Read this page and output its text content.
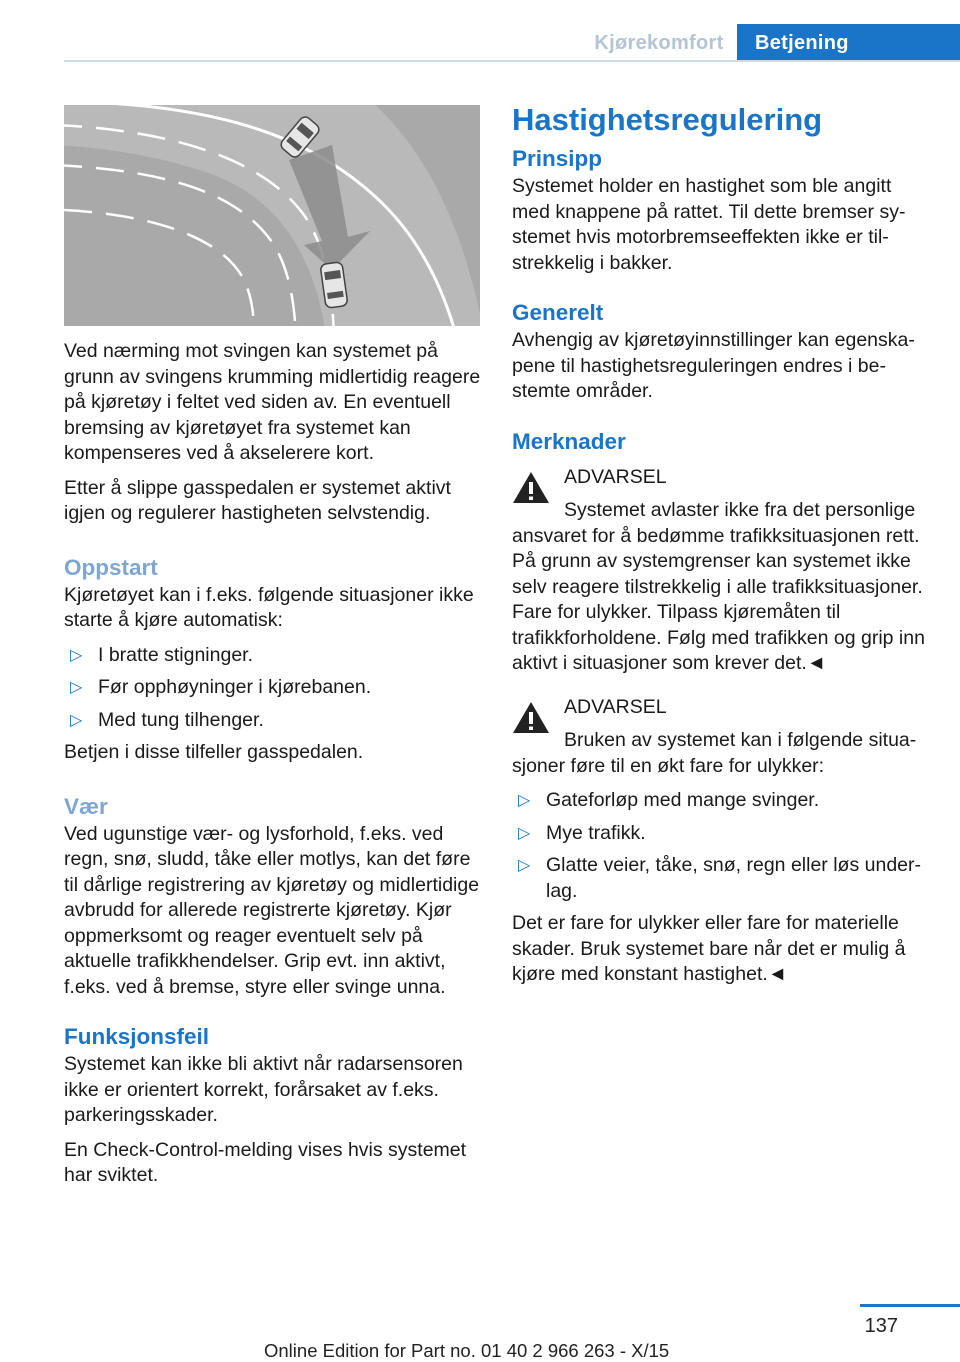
Kjørekomfort	Betjening

Ved nærming mot svingen kan systemet på grunn av svingens krumming midlertidig reagere på kjøretøy i feltet ved siden av. En eventuell bremsing av kjøretøyet fra systemet kan kompenseres ved å akselerere kort.

Etter å slippe gasspedalen er systemet aktivt igjen og regulerer hastigheten selvstendig.

Oppstart

Kjøretøyet kan i f.eks. følgende situasjoner ikke starte å kjøre automatisk:

▷ I bratte stigninger.
▷ Før opphøyninger i kjørebanen.
▷ Med tung tilhenger.

Betjen i disse tilfeller gasspedalen.

Vær

Ved ugunstige vær- og lysforhold, f.eks. ved regn, snø, sludd, tåke eller motlys, kan det føre til dårlige registrering av kjøretøy og midlertidige avbrudd for allerede registrerte kjøretøy. Kjør oppmerksomt og reager eventuelt selv på aktuelle trafikkhendelser. Grip evt. inn aktivt, f.eks. ved å bremse, styre eller svinge unna.

Funksjonsfeil

Systemet kan ikke bli aktivt når radarsensoren ikke er orientert korrekt, forårsaket av f.eks. parkeringsskader.

En Check-Control-melding vises hvis systemet har sviktet.

Hastighetsregulering
Prinsipp

Systemet holder en hastighet som ble angitt med knappene på rattet. Til dette bremser systemet hvis motorbremseeffekten ikke er tilstrekkelig i bakker.

Generelt

Avhengig av kjøretøyinnstillinger kan egenskapene til hastighetsreguleringen endres i bestemte områder.

Merknader
ADVARSEL

Systemet avlaster ikke fra det personlige ansvaret for å bedømme trafikksituasjonen rett. På grunn av systemgrenser kan systemet ikke selv reagere tilstrekkelig i alle trafikksituasjoner. Fare for ulykker. Tilpass kjøremåten til trafikkforholdene. Følg med trafikken og grip inn aktivt i situasjoner som krever det.◄

ADVARSEL

Bruken av systemet kan i følgende situasjoner føre til en økt fare for ulykker:

▷ Gateforløp med mange svinger.
▷ Mye trafikk.
▷ Glatte veier, tåke, snø, regn eller løs underlag.

Det er fare for ulykker eller fare for materielle skader. Bruk systemet bare når det er mulig å kjøre med konstant hastighet.◄

137
Online Edition for Part no. 01 40 2 966 263 - X/15
